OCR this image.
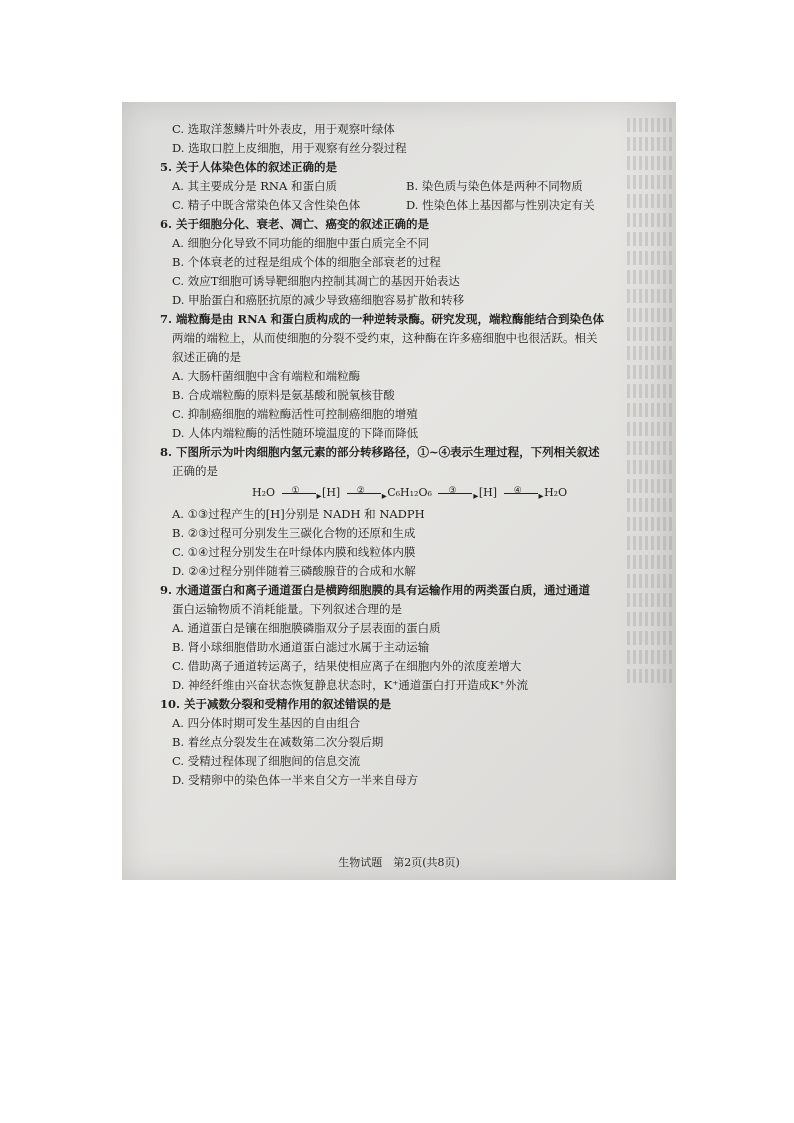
C. 选取洋葱鳞片叶外表皮，用于观察叶绿体
D. 选取口腔上皮细胞，用于观察有丝分裂过程
5. 关于人体染色体的叙述正确的是
A. 其主要成分是 RNA 和蛋白质	B. 染色质与染色体是两种不同物质
C. 精子中既含常染色体又含性染色体	D. 性染色体上基因都与性别决定有关
6. 关于细胞分化、衰老、凋亡、癌变的叙述正确的是
A. 细胞分化导致不同功能的细胞中蛋白质完全不同
B. 个体衰老的过程是组成个体的细胞全部衰老的过程
C. 效应T细胞可诱导靶细胞内控制其凋亡的基因开始表达
D. 甲胎蛋白和癌胚抗原的减少导致癌细胞容易扩散和转移
7. 端粒酶是由 RNA 和蛋白质构成的一种逆转录酶。研究发现，端粒酶能结合到染色体
两端的端粒上，从而使细胞的分裂不受约束，这种酶在许多癌细胞中也很活跃。相关
叙述正确的是
A. 大肠杆菌细胞中含有端粒和端粒酶
B. 合成端粒酶的原料是氨基酸和脱氧核苷酸
C. 抑制癌细胞的端粒酶活性可控制癌细胞的增殖
D. 人体内端粒酶的活性随环境温度的下降而降低
8. 下图所示为叶肉细胞内氢元素的部分转移路径，①~④表示生理过程，下列相关叙述
正确的是
H₂O ①
▸ [H] ②
▸ C₆H₁₂O₆ ③
▸ [H] ④
▸ H₂O
A. ①③过程产生的[H]分别是 NADH 和 NADPH
B. ②③过程可分别发生三碳化合物的还原和生成
C. ①④过程分别发生在叶绿体内膜和线粒体内膜
D. ②④过程分别伴随着三磷酸腺苷的合成和水解
9. 水通道蛋白和离子通道蛋白是横跨细胞膜的具有运输作用的两类蛋白质，通过通道
蛋白运输物质不消耗能量。下列叙述合理的是
A. 通道蛋白是镶在细胞膜磷脂双分子层表面的蛋白质
B. 肾小球细胞借助水通道蛋白滤过水属于主动运输
C. 借助离子通道转运离子，结果使相应离子在细胞内外的浓度差增大
D. 神经纤维由兴奋状态恢复静息状态时，K⁺通道蛋白打开造成K⁺外流
10. 关于减数分裂和受精作用的叙述错误的是
A. 四分体时期可发生基因的自由组合
B. 着丝点分裂发生在减数第二次分裂后期
C. 受精过程体现了细胞间的信息交流
D. 受精卵中的染色体一半来自父方一半来自母方
生物试题　第2页(共8页)
